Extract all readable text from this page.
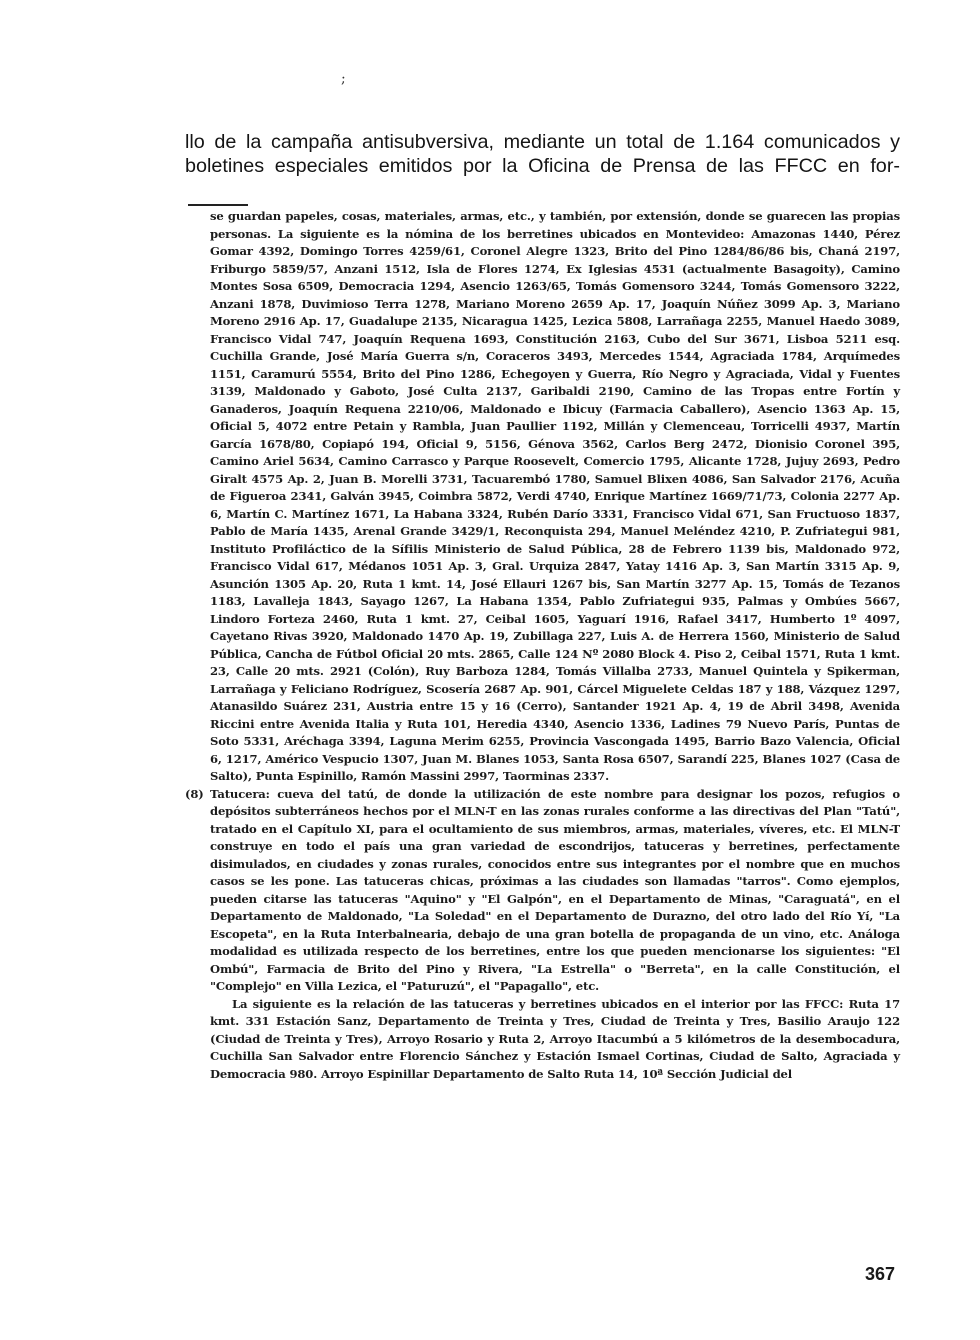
;
llo de la campaña antisubversiva, mediante un total de 1.164 comunicados y boletines especiales emitidos por la Oficina de Prensa de las FFCC en for-

se guardan papeles, cosas, materiales, armas, etc., y también, por extensión, donde se guarecen las propias personas. La siguiente es la nómina de los berretines ubicados en Montevideo: Amazonas 1440, Pérez Gomar 4392, Domingo Torres 4259/61, Coronel Alegre 1323, Brito del Pino 1284/86/86 bis, Chaná 2197, Friburgo 5859/57, Anzani 1512, Isla de Flores 1274, Ex Iglesias 4531 (actualmente Basagoity), Camino Montes Sosa 6509, Democracia 1294, Asencio 1263/65, Tomás Gomensoro 3244, Tomás Gomensoro 3222, Anzani 1878, Duvimioso Terra 1278, Mariano Moreno 2659 Ap. 17, Joaquín Núñez 3099 Ap. 3, Mariano Moreno 2916 Ap. 17, Guadalupe 2135, Nicaragua 1425, Lezica 5808, Larrañaga 2255, Manuel Haedo 3089, Francisco Vidal 747, Joaquín Requena 1693, Constitución 2163, Cubo del Sur 3671, Lisboa 5211 esq. Cuchilla Grande, José María Guerra s/n, Coraceros 3493, Mercedes 1544, Agraciada 1784, Arquímedes 1151, Caramurú 5554, Brito del Pino 1286, Echegoyen y Guerra, Río Negro y Agraciada, Vidal y Fuentes 3139, Maldonado y Gaboto, José Culta 2137, Garibaldi 2190, Camino de las Tropas entre Fortín y Ganaderos, Joaquín Requena 2210/06, Maldonado e Ibicuy (Farmacia Caballero), Asencio 1363 Ap. 15, Oficial 5, 4072 entre Petain y Rambla, Juan Paullier 1192, Millán y Clemenceau, Torricelli 4937, Martín García 1678/80, Copiapó 194, Oficial 9, 5156, Génova 3562, Carlos Berg 2472, Dionisio Coronel 395, Camino Ariel 5634, Camino Carrasco y Parque Roosevelt, Comercio 1795, Alicante 1728, Jujuy 2693, Pedro Giralt 4575 Ap. 2, Juan B. Morelli 3731, Tacuarembó 1780, Samuel Blixen 4086, San Salvador 2176, Acuña de Figueroa 2341, Galván 3945, Coimbra 5872, Verdi 4740, Enrique Martínez 1669/71/73, Colonia 2277 Ap. 6, Martín C. Martínez 1671, La Habana 3324, Rubén Darío 3331, Francisco Vidal 671, San Fructuoso 1837, Pablo de María 1435, Arenal Grande 3429/1, Reconquista 294, Manuel Meléndez 4210, P. Zufriategui 981, Instituto Profiláctico de la Sífilis Ministerio de Salud Pública, 28 de Febrero 1139 bis, Maldonado 972, Francisco Vidal 617, Médanos 1051 Ap. 3, Gral. Urquiza 2847, Yatay 1416 Ap. 3, San Martín 3315 Ap. 9, Asunción 1305 Ap. 20, Ruta 1 kmt. 14, José Ellauri 1267 bis, San Martín 3277 Ap. 15, Tomás de Tezanos 1183, Lavalleja 1843, Sayago 1267, La Habana 1354, Pablo Zufriategui 935, Palmas y Ombúes 5667, Lindoro Forteza 2460, Ruta 1 kmt. 27, Ceibal 1605, Yaguarí 1916, Rafael 3417, Humberto 1º 4097, Cayetano Rivas 3920, Maldonado 1470 Ap. 19, Zubillaga 227, Luis A. de Herrera 1560, Ministerio de Salud Pública, Cancha de Fútbol Oficial 20 mts. 2865, Calle 124 Nº 2080 Block 4. Piso 2, Ceibal 1571, Ruta 1 kmt. 23, Calle 20 mts. 2921 (Colón), Ruy Barboza 1284, Tomás Villalba 2733, Manuel Quintela y Spikerman, Larrañaga y Feliciano Rodríguez, Scosería 2687 Ap. 901, Cárcel Miguelete Celdas 187 y 188, Vázquez 1297, Atanasildo Suárez 231, Austria entre 15 y 16 (Cerro), Santander 1921 Ap. 4, 19 de Abril 3498, Avenida Riccini entre Avenida Italia y Ruta 101, Heredia 4340, Asencio 1336, Ladines 79 Nuevo París, Puntas de Soto 5331, Aréchaga 3394, Laguna Merim 6255, Provincia Vascongada 1495, Barrio Bazo Valencia, Oficial 6, 1217, Américo Vespucio 1307, Juan M. Blanes 1053, Santa Rosa 6507, Sarandí 225, Blanes 1027 (Casa de Salto), Punta Espinillo, Ramón Massini 2997, Taorminas 2337.

(8) Tatucera: cueva del tatú, de donde la utilización de este nombre para designar los pozos, refugios o depósitos subterráneos hechos por el MLN-T en las zonas rurales conforme a las directivas del Plan "Tatú", tratado en el Capítulo XI, para el ocultamiento de sus miembros, armas, materiales, víveres, etc. El MLN-T construye en todo el país una gran variedad de escondrijos, tatuceras y berretines, perfectamente disimulados, en ciudades y zonas rurales, conocidos entre sus integrantes por el nombre que en muchos casos se les pone. Las tatuceras chicas, próximas a las ciudades son llamadas "tarros". Como ejemplos, pueden citarse las tatuceras "Aquino" y "El Galpón", en el Departamento de Minas, "Caraguatá", en el Departamento de Maldonado, "La Soledad" en el Departamento de Durazno, del otro lado del Río Yí, "La Escopeta", en la Ruta Interbalnearia, debajo de una gran botella de propaganda de un vino, etc. Análoga modalidad es utilizada respecto de los berretines, entre los que pueden mencionarse los siguientes: "El Ombú", Farmacia de Brito del Pino y Rivera, "La Estrella" o "Berreta", en la calle Constitución, el "Complejo" en Villa Lezica, el "Paturuzú", el "Papagallo", etc.

La siguiente es la relación de las tatuceras y berretines ubicados en el interior por las FFCC: Ruta 17 kmt. 331 Estación Sanz, Departamento de Treinta y Tres, Ciudad de Treinta y Tres, Basilio Araujo 122 (Ciudad de Treinta y Tres), Arroyo Rosario y Ruta 2, Arroyo Itacumbú a 5 kilómetros de la desembocadura, Cuchilla San Salvador entre Florencio Sánchez y Estación Ismael Cortinas, Ciudad de Salto, Agraciada y Democracia 980. Arroyo Espinillar Departamento de Salto Ruta 14, 10ª Sección Judicial del

367
